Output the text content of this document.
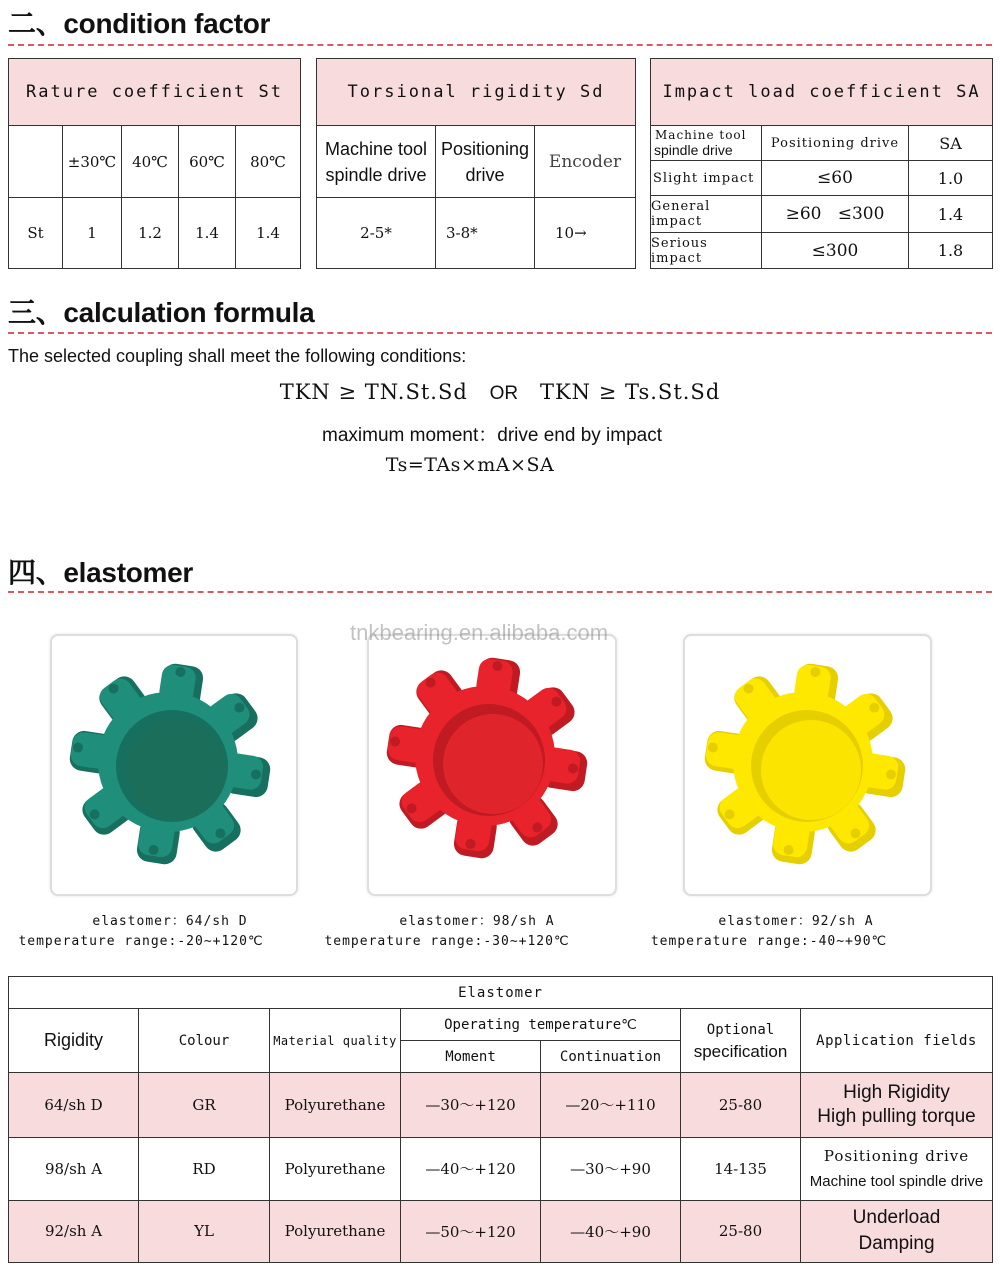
二、condition factor
Rature coefficient St				
	±30℃	40℃	60℃	80℃
St	1	1.2	1.4	1.4
Torsional rigidity Sd		
Machine tool spindle drive	Positioning drive	Encoder
2-5*	3-8*	10→
Impact load coefficient SA		

Machine tool
spindle drive	Positioning drive	SA
Slight impact	≤60	1.0
General impact	≥60   ≤300	1.4
Serious impact	≤300	1.8
三、calculation formula
The selected coupling shall meet the following conditions:
TKN ≥ TN.St.Sd OR TKN ≥ Ts.St.Sd
maximum moment：drive end by impact
Ts=TAs×mA×SA
四、elastomer
tnkbearing.en.alibaba.com
elastomer：64/sh D
temperature range:-20~+120℃
elastomer：98/sh A
temperature range:-30~+120℃
elastomer：92/sh A
temperature range:-40~+90℃
Elastomer						
Rigidity	Colour	Material quality	Operating temperature℃		Optional
specification	Application fields
			Moment	Continuation		
64/sh D	GR	Polyurethane	—30～+120	—20～+110	25-80	High Rigidity
High pulling torque

98/sh A	RD	Polyurethane	—40～+120	—30～+90	14-135	Positioning drive
Machine tool spindle drive

92/sh A	YL	Polyurethane	—50～+120	—40～+90	25-80	Underload
Damping
